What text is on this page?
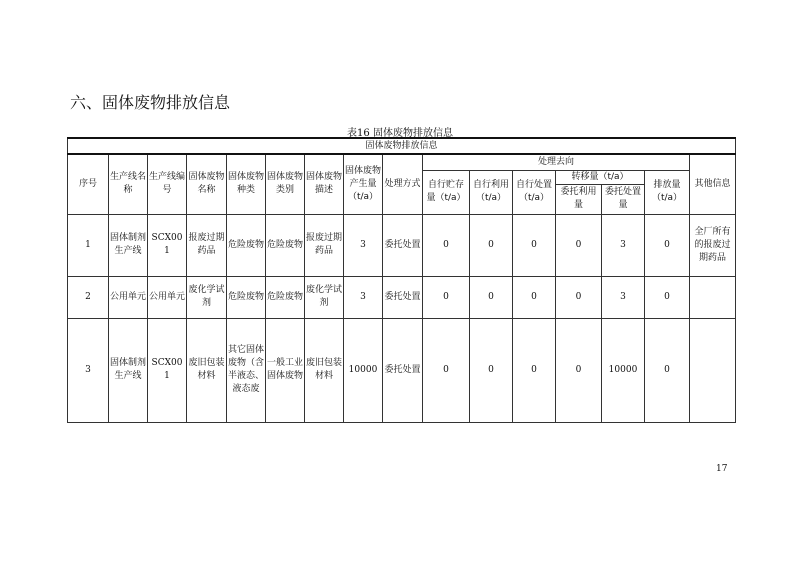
六、固体废物排放信息
表16 固体废物排放信息
固体废物排放信息															
序号	生产线名称	生产线编号	固体废物名称	固体废物种类	固体废物类别	固体废物描述	固体废物产生量（t/a）	处理方式	处理去向						其他信息
									自行贮存量（t/a）	自行利用（t/a）	自行处置（t/a）	转移量（t/a）		排放量（t/a）	
												委托利用量	委托处置量		
1	固体制剂生产线	SCX001	报废过期药品	危险废物	危险废物	报废过期药品	3	委托处置	0	0	0	0	3	0	全厂所有的报废过期药品
2	公用单元	公用单元	废化学试剂	危险废物	危险废物	废化学试剂	3	委托处置	0	0	0	0	3	0	
3	固体制剂生产线	SCX001	废旧包装材料	其它固体废物（含半液态、液态废	一般工业固体废物	废旧包装材料	10000	委托处置	0	0	0	0	10000	0	
17
